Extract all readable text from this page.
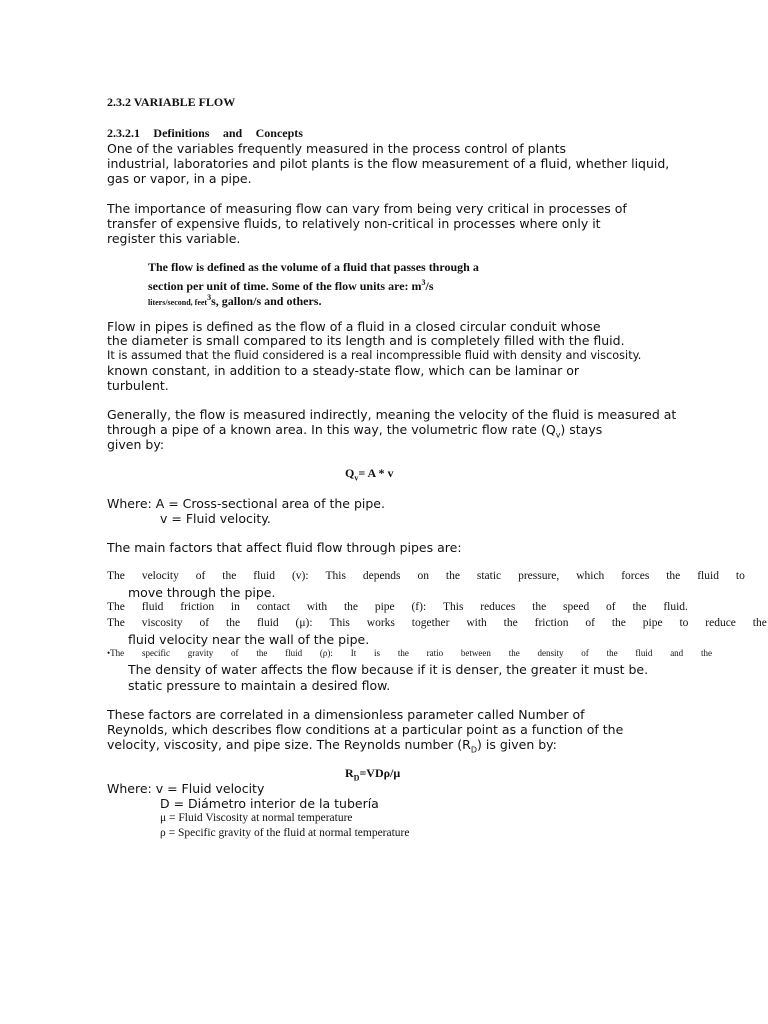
2.3.2 VARIABLE FLOW
2.3.2.1 Definitions and Concepts
One of the variables frequently measured in the process control of plants
industrial, laboratories and pilot plants is the flow measurement of a fluid, whether liquid,
gas or vapor, in a pipe.
The importance of measuring flow can vary from being very critical in processes of
transfer of expensive fluids, to relatively non-critical in processes where only it
register this variable.
The flow is defined as the volume of a fluid that passes through a
section per unit of time. Some of the flow units are: $m^3/s$
liters/second, feet$^3$s, gallon/s and others.
Flow in pipes is defined as the flow of a fluid in a closed circular conduit whose
the diameter is small compared to its length and is completely filled with the fluid.
It is assumed that the fluid considered is a real incompressible fluid with density and viscosity.
known constant, in addition to a steady-state flow, which can be laminar or
turbulent.
Generally, the flow is measured indirectly, meaning the velocity of the fluid is measured at
through a pipe of a known area. In this way, the volumetric flow rate $(Q_v)$ stays
given by:
$Q_v= A * v$
Where: A = Cross-sectional area of the pipe.
v = Fluid velocity.
The main factors that affect fluid flow through pipes are:
The velocity of the fluid (v): This depends on the static pressure, which forces the fluid to
move through the pipe.
The fluid friction in contact with the pipe (f): This reduces the speed of the fluid.
The viscosity of the fluid (μ): This works together with the friction of the pipe to reduce the
fluid velocity near the wall of the pipe.
•The specific gravity of the fluid (ρ): It is the ratio between the density of the fluid and the
The density of water affects the flow because if it is denser, the greater it must be.
static pressure to maintain a desired flow.
These factors are correlated in a dimensionless parameter called Number of
Reynolds, which describes flow conditions at a particular point as a function of the
velocity, viscosity, and pipe size. The Reynolds number $(R_D)$ is given by:
$R_D=VD\rho/\mu$
Where: v = Fluid velocity
D = Diámetro interior de la tubería
μ = Fluid Viscosity at normal temperature
ρ = Specific gravity of the fluid at normal temperature
